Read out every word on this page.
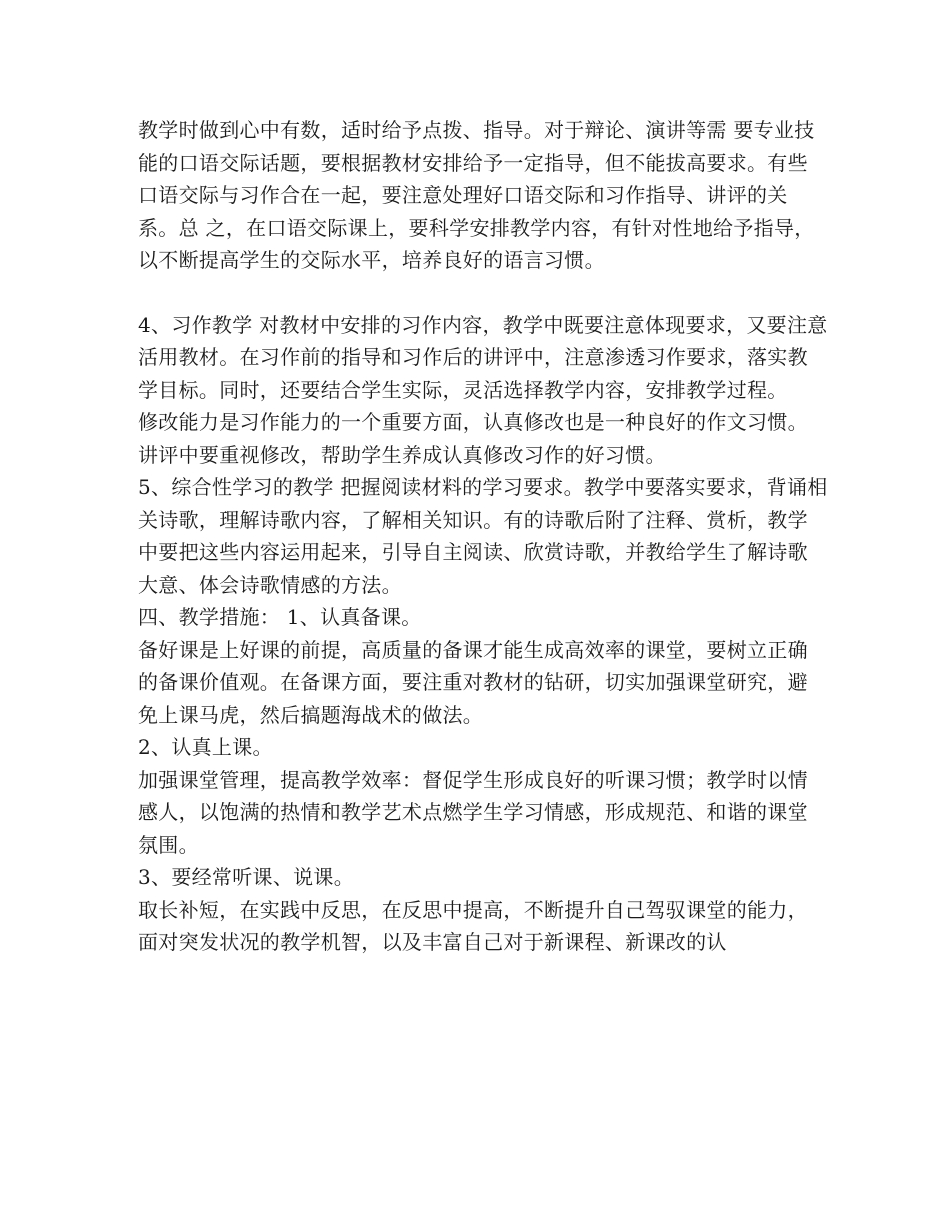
教学时做到心中有数，适时给予点拨、指导。对于辩论、演讲等需 要专业技能的口语交际话题，要根据教材安排给予一定指导，但不能拔高要求。有些口语交际与习作合在一起，要注意处理好口语交际和习作指导、讲评的关系。总 之，在口语交际课上，要科学安排教学内容，有针对性地给予指导，以不断提高学生的交际水平，培养良好的语言习惯。

4、习作教学 对教材中安排的习作内容，教学中既要注意体现要求，又要注意活用教材。在习作前的指导和习作后的讲评中，注意渗透习作要求，落实教学目标。同时，还要结合学生实际，灵活选择教学内容，安排教学过程。

修改能力是习作能力的一个重要方面，认真修改也是一种良好的作文习惯。讲评中要重视修改，帮助学生养成认真修改习作的好习惯。

5、综合性学习的教学 把握阅读材料的学习要求。教学中要落实要求，背诵相关诗歌，理解诗歌内容，了解相关知识。有的诗歌后附了注释、赏析，教学中要把这些内容运用起来，引导自主阅读、欣赏诗歌，并教给学生了解诗歌大意、体会诗歌情感的方法。

四、教学措施： 1、认真备课。

备好课是上好课的前提，高质量的备课才能生成高效率的课堂，要树立正确的备课价值观。在备课方面，要注重对教材的钻研，切实加强课堂研究，避免上课马虎，然后搞题海战术的做法。

2、认真上课。

加强课堂管理，提高教学效率：督促学生形成良好的听课习惯；教学时以情感人，以饱满的热情和教学艺术点燃学生学习情感，形成规范、和谐的课堂氛围。

3、要经常听课、说课。

取长补短，在实践中反思，在反思中提高，不断提升自己驾驭课堂的能力，面对突发状况的教学机智，以及丰富自己对于新课程、新课改的认
